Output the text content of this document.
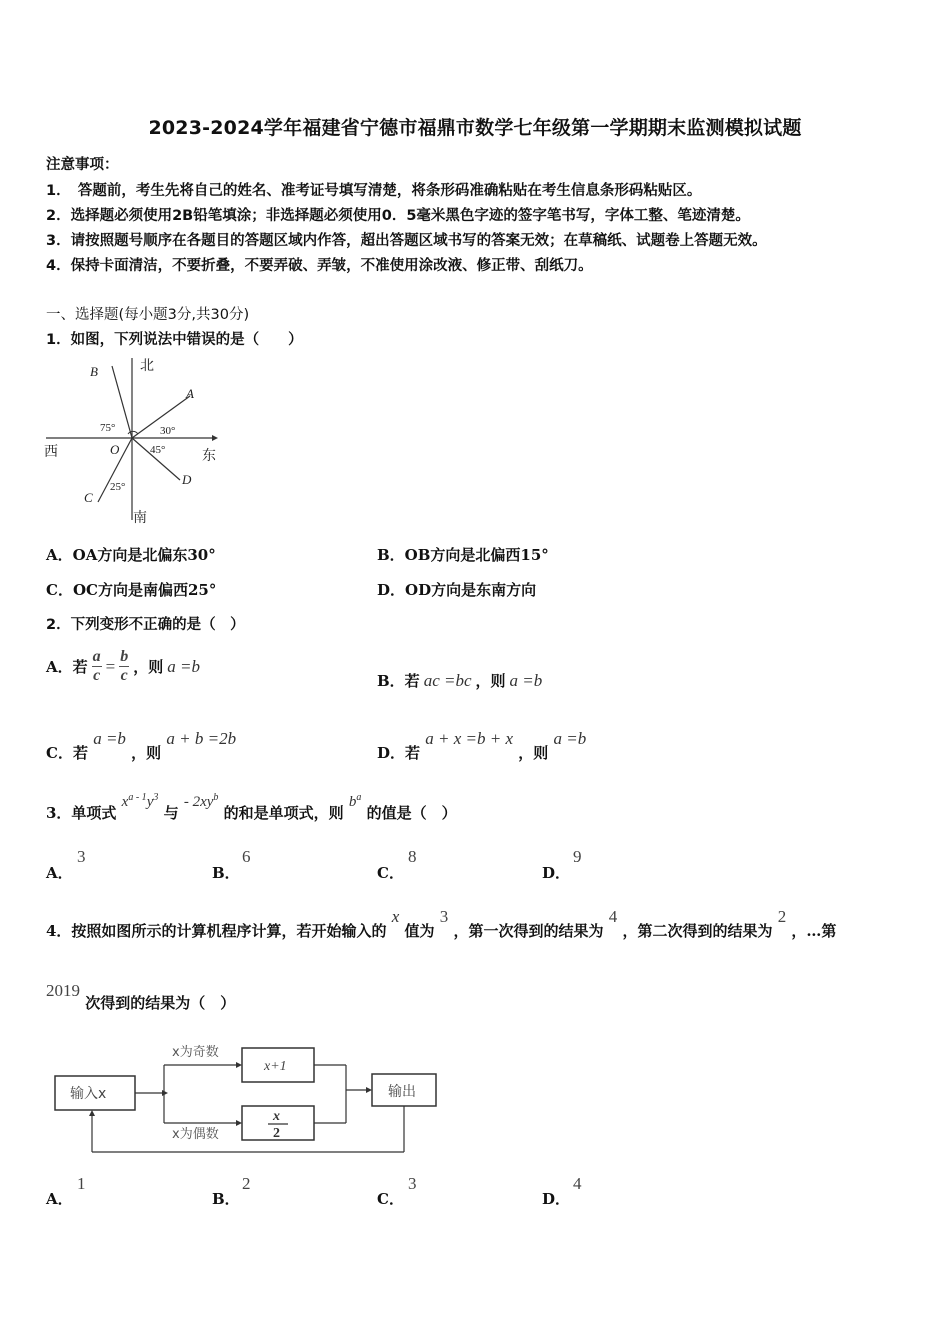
2023-2024学年福建省宁德市福鼎市数学七年级第一学期期末监测模拟试题
注意事项：
1．　答题前，考生先将自己的姓名、准考证号填写清楚，将条形码准确粘贴在考生信息条形码粘贴区。
2．选择题必须使用2B铅笔填涂；非选择题必须使用0．5毫米黑色字迹的签字笔书写，字体工整、笔迹清楚。
3．请按照题号顺序在各题目的答题区域内作答，超出答题区域书写的答案无效；在草稿纸、试题卷上答题无效。
4．保持卡面清洁，不要折叠，不要弄破、弄皱，不准使用涂改液、修正带、刮纸刀。
一、选择题(每小题3分,共30分)
1．如图，下列说法中错误的是（　　）
北
南
东
西	O
A
B
C
D
75°	30°
45°
25°
A．OA方向是北偏东30°	B．OB方向是北偏西15°
C．OC方向是南偏西25°	D．OD方向是东南方向
2．下列变形不正确的是（　）
A．若 $\frac{a}{c} = \frac{b}{c}$ ，则 a =b
B．若 ac =bc ，则 a =b
C．若 a =b ，则 a + b =2b
D．若 a + x =b + x ，则 a =b
3．单项式 $x^{a - 1}y^3$ 与 - $2xy^b$ 的和是单项式，则 $b^a$ 的值是（　）
A．
3
B．
6
C．
8
D．
9
4．按照如图所示的计算机程序计算，若开始输入的 x 值为 3 ，第一次得到的结果为 4 ，第二次得到的结果为 2 ，…第
2019 次得到的结果为（　）
输入x
x为奇数
x为偶数
x+1
x
2
输出
A．
1
B．
2
C．
3
D．
4
